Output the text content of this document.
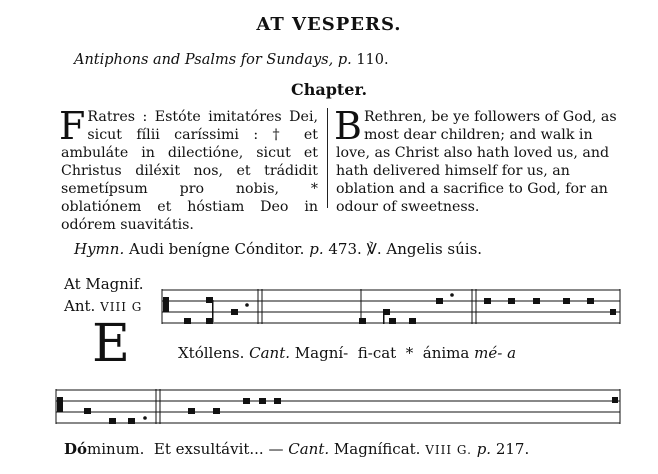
AT VESPERS.
Antiphons and Psalms for Sundays, p. 110.
Chapter.
F Ratres : Estóte imitatóres Dei, sicut fílii caríssimi : † et ambuláte in dilectióne, sicut et Christus diléxit nos, et trádidit semetípsum pro nobis, * oblatiónem et hóstiam Deo in odórem suavitátis.
B Rethren, be ye followers of God, as most dear children; and walk in love, as Christ also hath loved us, and hath delivered himself for us, an oblation and a sacrifice to God, for an odour of sweetness.
Hymn. Audi benígne Cónditor. p. 473. ℣. Angelis súis.
At Magnif.
Ant. VIII G
E	Xtóllens. Cant. Magní-  fi-cat  *  ánima mé- a
Dóminum.  Et exsultávit... — Cant. Magníficat. VIII G. p. 217.
